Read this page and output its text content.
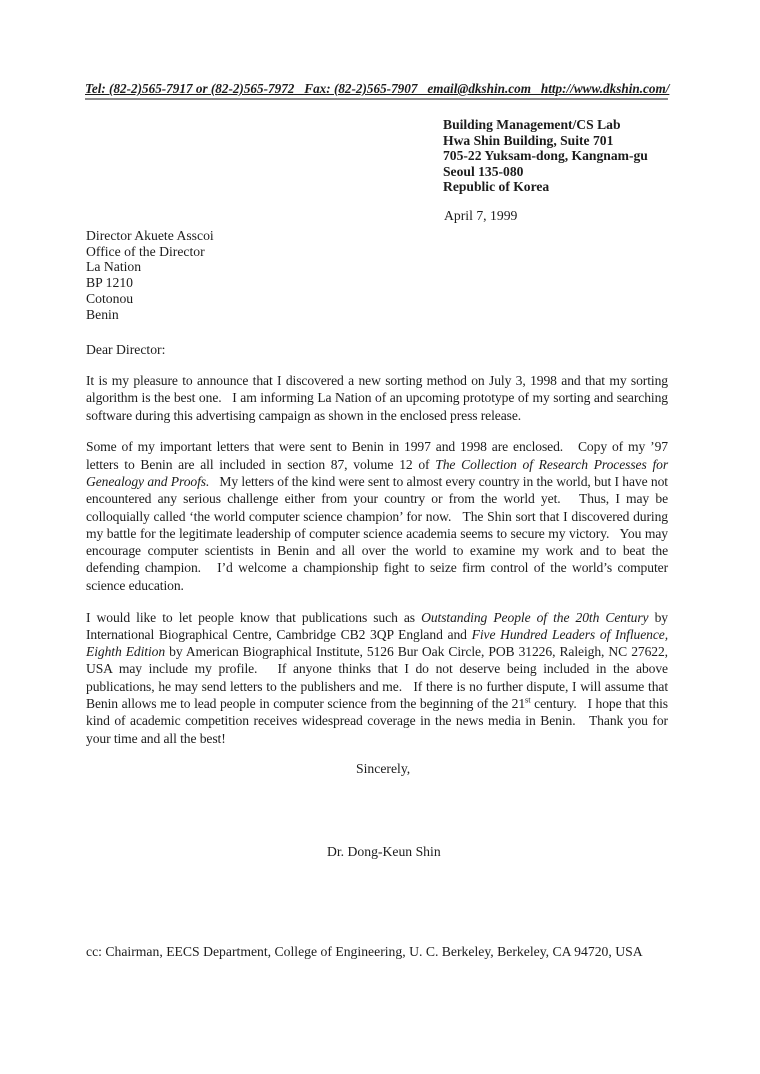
Tel: (82-2)565-7917 or (82-2)565-7972   Fax: (82-2)565-7907   email@dkshin.com   http://www.dkshin.com/
Building Management/CS Lab
Hwa Shin Building, Suite 701
705-22 Yuksam-dong, Kangnam-gu
Seoul 135-080
Republic of Korea
April 7, 1999
Director Akuete Asscoi
Office of the Director
La Nation
BP 1210
Cotonou
Benin
Dear Director:

It is my pleasure to announce that I discovered a new sorting method on July 3, 1998 and that my sorting algorithm is the best one.   I am informing La Nation of an upcoming prototype of my sorting and searching software during this advertising campaign as shown in the enclosed press release.

Some of my important letters that were sent to Benin in 1997 and 1998 are enclosed.   Copy of my ’97 letters to Benin are all included in section 87, volume 12 of The Collection of Research Processes for Genealogy and Proofs.   My letters of the kind were sent to almost every country in the world, but I have not encountered any serious challenge either from your country or from the world yet.   Thus, I may be colloquially called ‘the world computer science champion’ for now.   The Shin sort that I discovered during my battle for the legitimate leadership of computer science academia seems to secure my victory.   You may encourage computer scientists in Benin and all over the world to examine my work and to beat the defending champion.   I’d welcome a championship fight to seize firm control of the world’s computer science education.

I would like to let people know that publications such as Outstanding People of the 20th Century by International Biographical Centre, Cambridge CB2 3QP England and Five Hundred Leaders of Influence, Eighth Edition by American Biographical Institute, 5126 Bur Oak Circle, POB 31226, Raleigh, NC 27622, USA may include my profile.   If anyone thinks that I do not deserve being included in the above publications, he may send letters to the publishers and me.   If there is no further dispute, I will assume that Benin allows me to lead people in computer science from the beginning of the 21st century.   I hope that this kind of academic competition receives widespread coverage in the news media in Benin.   Thank you for your time and all the best!

Sincerely,
Dr. Dong-Keun Shin
cc: Chairman, EECS Department, College of Engineering, U. C. Berkeley, Berkeley, CA 94720, USA
